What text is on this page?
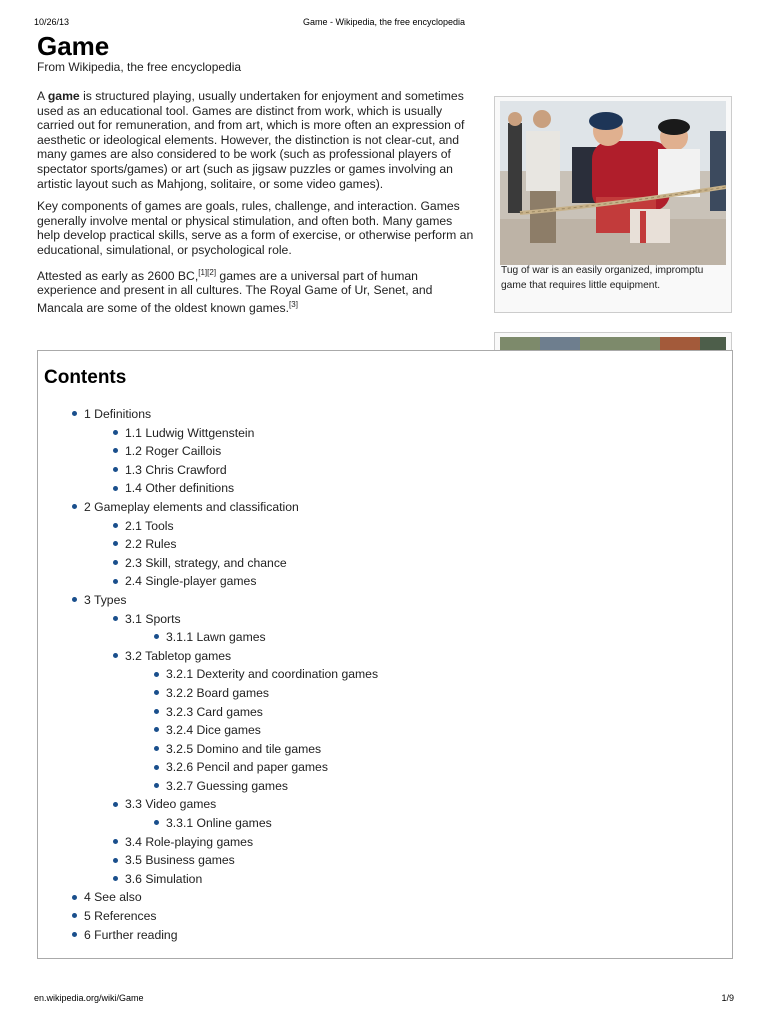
10/26/13	Game - Wikipedia, the free encyclopedia
Game
From Wikipedia, the free encyclopedia

A game is structured playing, usually undertaken for enjoyment and sometimes used as an educational tool. Games are distinct from work, which is usually carried out for remuneration, and from art, which is more often an expression of aesthetic or ideological elements. However, the distinction is not clear-cut, and many games are also considered to be work (such as professional players of spectator sports/games) or art (such as jigsaw puzzles or games involving an artistic layout such as Mahjong, solitaire, or some video games).

Key components of games are goals, rules, challenge, and interaction. Games generally involve mental or physical stimulation, and often both. Many games help develop practical skills, serve as a form of exercise, or otherwise perform an educational, simulational, or psychological role.

Attested as early as 2600 BC,[1][2] games are a universal part of human experience and present in all cultures. The Royal Game of Ur, Senet, and Mancala are some of the oldest known games.[3]

Tug of war is an easily organized, impromptu game that requires little equipment.
Contents
1 Definitions
1.1 Ludwig Wittgenstein
1.2 Roger Caillois
1.3 Chris Crawford
1.4 Other definitions
2 Gameplay elements and classification
2.1 Tools
2.2 Rules
2.3 Skill, strategy, and chance
2.4 Single-player games
3 Types
3.1 Sports
3.1.1 Lawn games
3.2 Tabletop games
3.2.1 Dexterity and coordination games
3.2.2 Board games
3.2.3 Card games
3.2.4 Dice games
3.2.5 Domino and tile games
3.2.6 Pencil and paper games
3.2.7 Guessing games
3.3 Video games
3.3.1 Online games
3.4 Role-playing games
3.5 Business games
3.6 Simulation
4 See also
5 References
6 Further reading
en.wikipedia.org/wiki/Game	1/9
